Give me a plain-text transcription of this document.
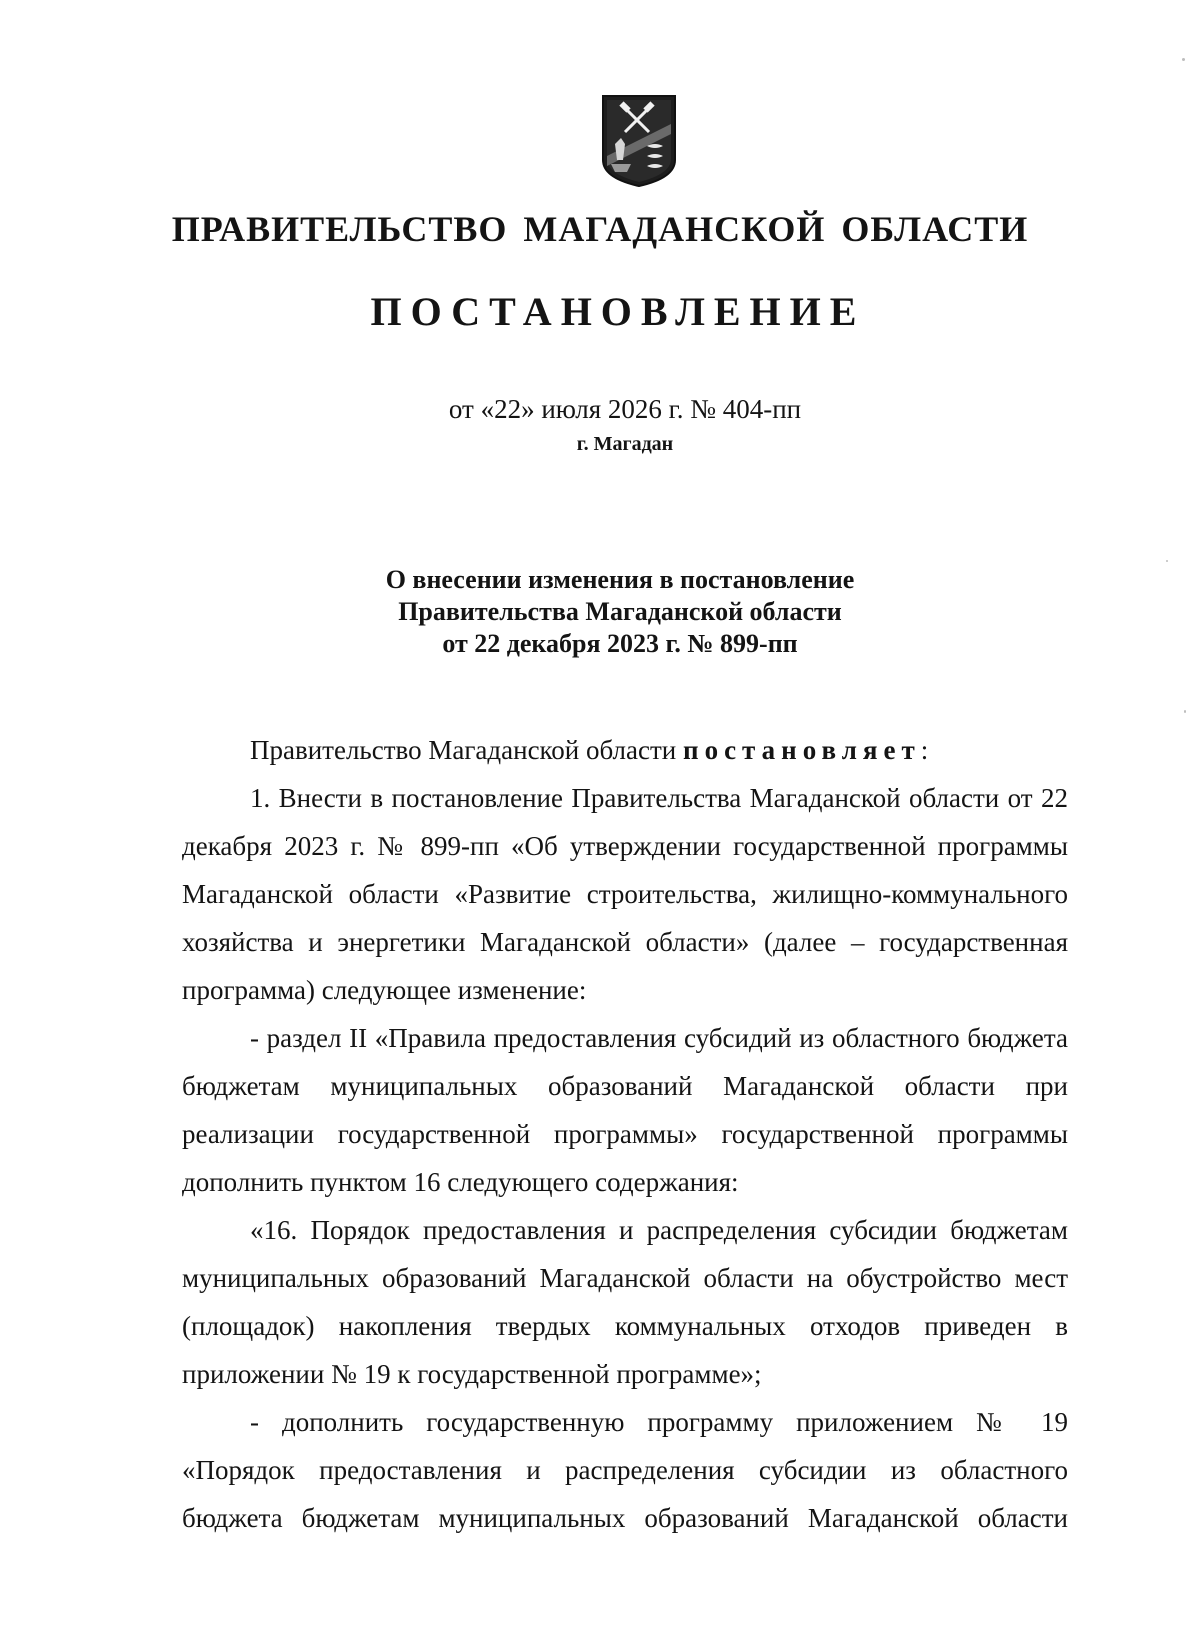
ПРАВИТЕЛЬСТВО МАГАДАНСКОЙ ОБЛАСТИ
ПОСТАНОВЛЕНИЕ
от «22» июля 2026 г. № 404-пп
г. Магадан
О внесении изменения в постановление
Правительства Магаданской области
от 22 декабря 2023 г. № 899-пп

Правительство Магаданской области постановляет:

1. Внести в постановление Правительства Магаданской области от 22 декабря 2023 г. № 899-пп «Об утверждении государственной программы Магаданской области «Развитие строительства, жилищно-коммунального хозяйства и энергетики Магаданской области» (далее – государственная программа) следующее изменение:

- раздел II «Правила предоставления субсидий из областного бюджета бюджетам муниципальных образований Магаданской области при реализации государственной программы» государственной программы дополнить пунктом 16 следующего содержания:

«16. Порядок предоставления и распределения субсидии бюджетам муниципальных образований Магаданской области на обустройство мест (площадок) накопления твердых коммунальных отходов приведен в приложении № 19 к государственной программе»;

- дополнить государственную программу приложением № 19 «Порядок предоставления и распределения субсидии из областного бюджета бюджетам муниципальных образований Магаданской области
